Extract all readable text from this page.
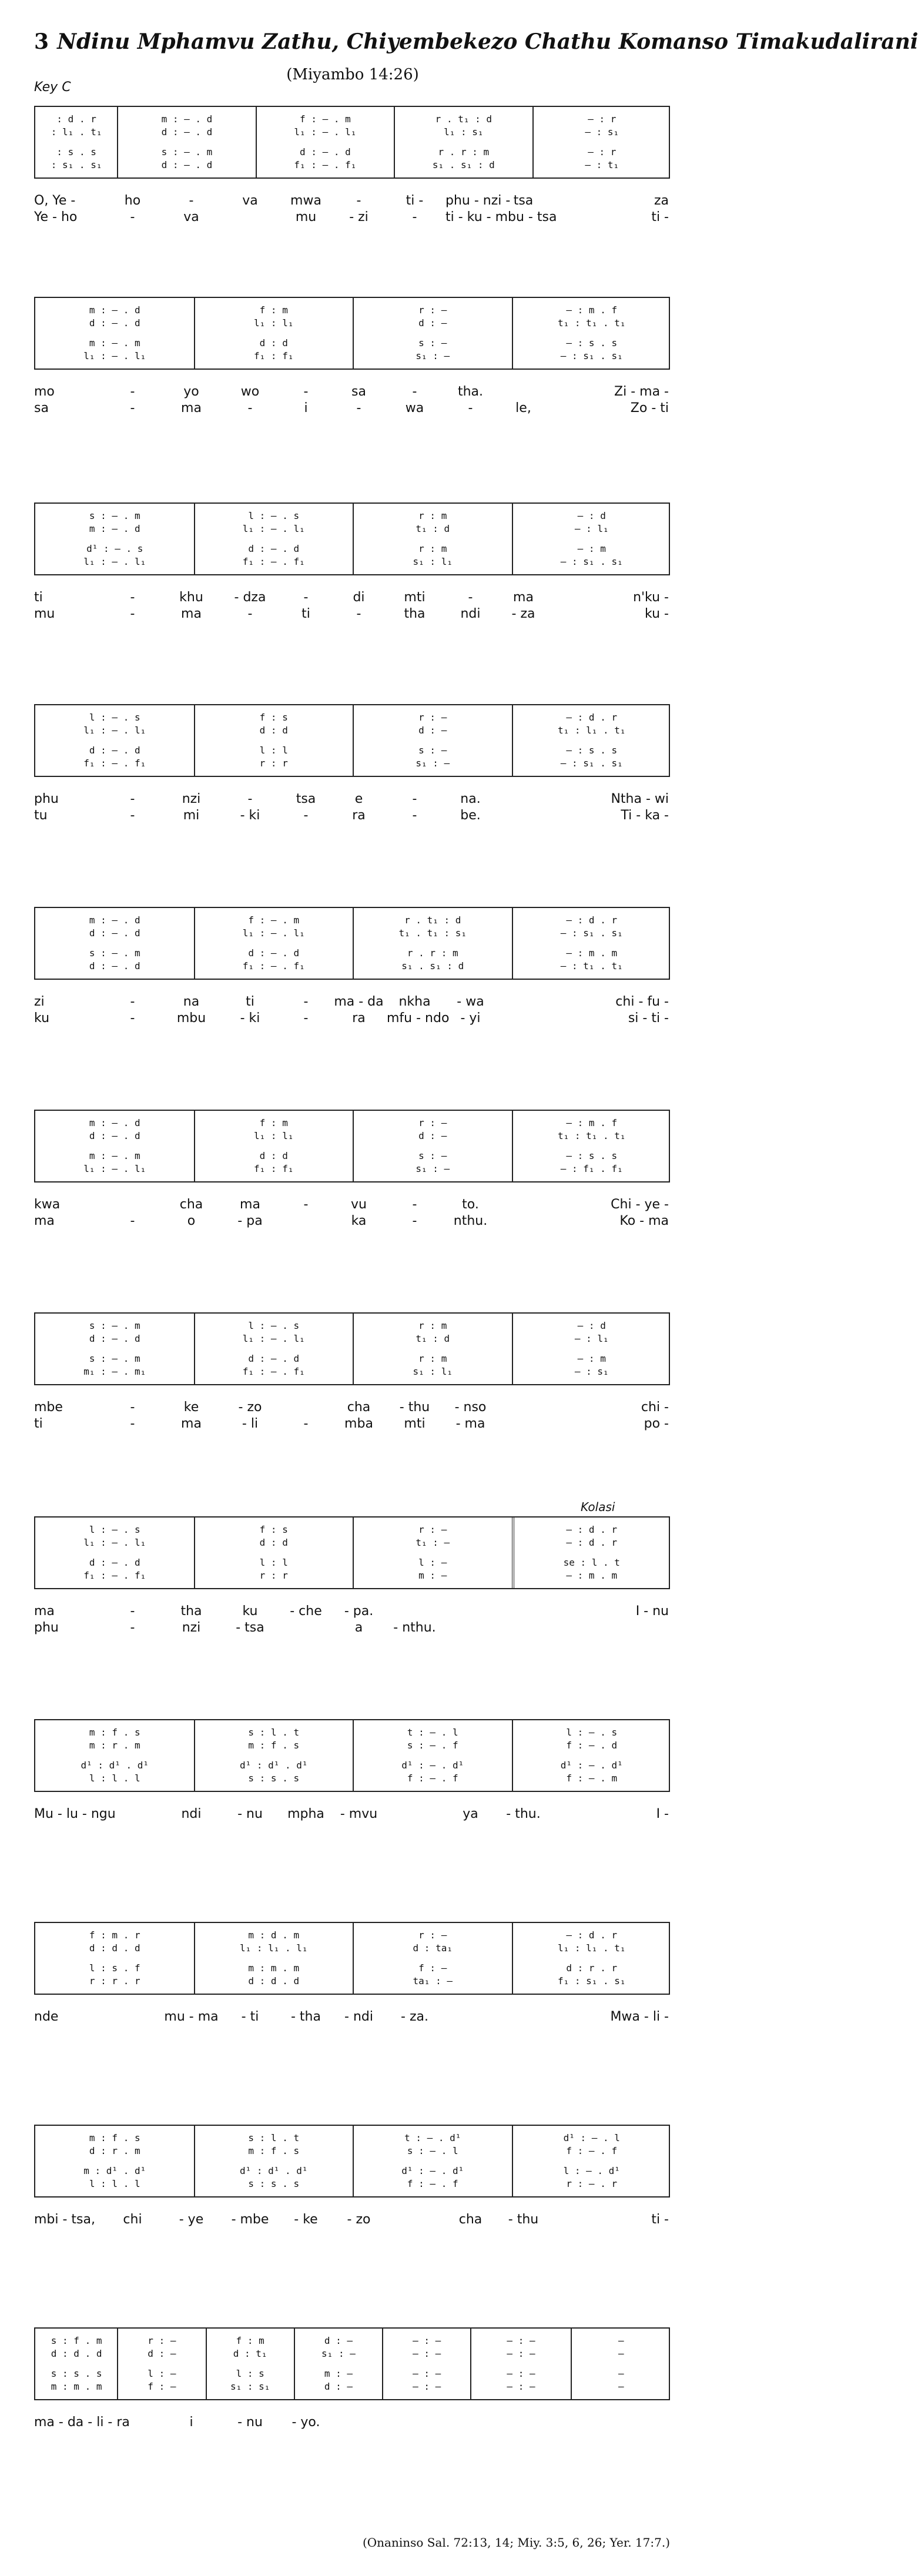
3 Ndinu Mphamvu Zathu, Chiyembekezo Chathu Komanso Timakudalirani
(Miyambo 14:26)
Key C
: d . r	m : – . d	f : – . m	r . t₁ : d	— : r
: l₁ . t₁	d : – . d	l₁ : – . l₁	l₁ : s₁	— : s₁
: s . s	s : – . m	d : – . d	r . r : m	— : r
: s₁ . s₁	d : – . d	f₁ : – . f₁	s₁ . s₁ : d	— : t₁
O, Ye -	ho	-	va	mwa	-	ti -	phu - nzi - tsa	za
Ye - ho	-	va	mu	- zi	-	ti - ku - mbu - tsa	ti -
m : – . d	f : m	r : —	— : m . f
d : – . d	l₁ : l₁	d : —	t₁ : t₁ . t₁
m : – . m	d : d	s : —	— : s . s
l₁ : – . l₁	f₁ : f₁	s₁ : —	— : s₁ . s₁
mo	-	yo	wo	-	sa	-	tha.	Zi - ma -
sa	-	ma	-	i	-	wa	-	le,	Zo - ti
s : – . m	l : – . s	r : m	— : d
m : – . d	l₁ : – . l₁	t₁ : d	— : l₁
d¹ : – . s	d : – . d	r : m	— : m
l₁ : – . l₁	f₁ : – . f₁	s₁ : l₁	— : s₁ . s₁
ti	-	khu	- dza	-	di	mti	-	ma	n'ku -
mu	-	ma	-	ti	-	tha	ndi	- za	ku -
l : – . s	f : s	r : —	— : d . r
l₁ : – . l₁	d : d	d : —	t₁ : l₁ . t₁
d : – . d	l : l	s : —	— : s . s
f₁ : – . f₁	r : r	s₁ : —	— : s₁ . s₁
phu	-	nzi	-	tsa	e	-	na.	Ntha - wi
tu	-	mi	- ki	-	ra	-	be.	Ti - ka -
m : – . d	f : – . m	r . t₁ : d	— : d . r
d : – . d	l₁ : – . l₁	t₁ . t₁ : s₁	— : s₁ . s₁
s : – . m	d : – . d	r . r : m	— : m . m
d : – . d	f₁ : – . f₁	s₁ . s₁ : d	— : t₁ . t₁
zi	-	na	ti	-	ma - da	nkha	- wa	chi - fu -
ku	-	mbu	- ki	-	ra	mfu - ndo - yi	si - ti -
m : – . d	f : m	r : —	— : m . f
d : – . d	l₁ : l₁	d : —	t₁ : t₁ . t₁
m : – . m	d : d	s : —	— : s . s
l₁ : – . l₁	f₁ : f₁	s₁ : —	— : f₁ . f₁
kwa	cha	ma	-	vu	-	to.	Chi - ye -
ma	-	o	- pa	ka	-	nthu.	Ko - ma
s : – . m	l : – . s	r : m	— : d
d : – . d	l₁ : – . l₁	t₁ : d	— : l₁
s : – . m	d : – . d	r : m	— : m
m₁ : – . m₁	f₁ : – . f₁	s₁ : l₁	— : s₁
mbe	-	ke	- zo	cha	- thu	- nso	chi -
ti	-	ma	- li	-	mba	mti	- ma	po -
Kolasi
l : – . s	f : s	r : —	— : d . r
l₁ : – . l₁	d : d	t₁ : —	— : d . r
d : – . d	l : l	l : —	se : l . t
f₁ : – . f₁	r : r	m : —	— : m . m
ma	-	tha	ku	- che	- pa.	I - nu
phu	-	nzi	- tsa	a	- nthu.
m : f . s	s : l . t	t : – . l	l : – . s
m : r . m	m : f . s	s : – . f	f : – . d
d¹ : d¹ . d¹	d¹ : d¹ . d¹	d¹ : – . d¹	d¹ : – . d¹
l : l . l	s : s . s	f : – . f	f : – . m
Mu - lu - ngu	ndi	- nu	mpha	- mvu	ya	- thu.	I -
f : m . r	m : d . m	r : —	— : d . r
d : d . d	l₁ : l₁ . l₁	d : ta₁	l₁ : l₁ . t₁
l : s . f	m : m . m	f : —	d : r . r
r : r . r	d : d . d	ta₁ : —	f₁ : s₁ . s₁
nde	mu - ma	- ti	- tha	- ndi	- za.	Mwa - li -
m : f . s	s : l . t	t : – . d¹	d¹ : – . l
d : r . m	m : f . s	s : – . l	f : – . f
m : d¹ . d¹	d¹ : d¹ . d¹	d¹ : – . d¹	l : – . d¹
l : l . l	s : s . s	f : – . f	r : – . r
mbi - tsa,	chi	- ye	- mbe	- ke	- zo	cha	- thu	ti -
s : f . m	r : —	f : m	d : —	— : —	— : —	—
d : d . d	d : —	d : t₁	s₁ : —	— : —	— : —	—
s : s . s	l : —	l : s	m : —	— : —	— : —	—
m : m . m	f : —	s₁ : s₁	d : —	— : —	— : —	—
ma - da - li - ra	i	- nu	- yo.
(Onaninso Sal. 72:13, 14; Miy. 3:5, 6, 26; Yer. 17:7.)
